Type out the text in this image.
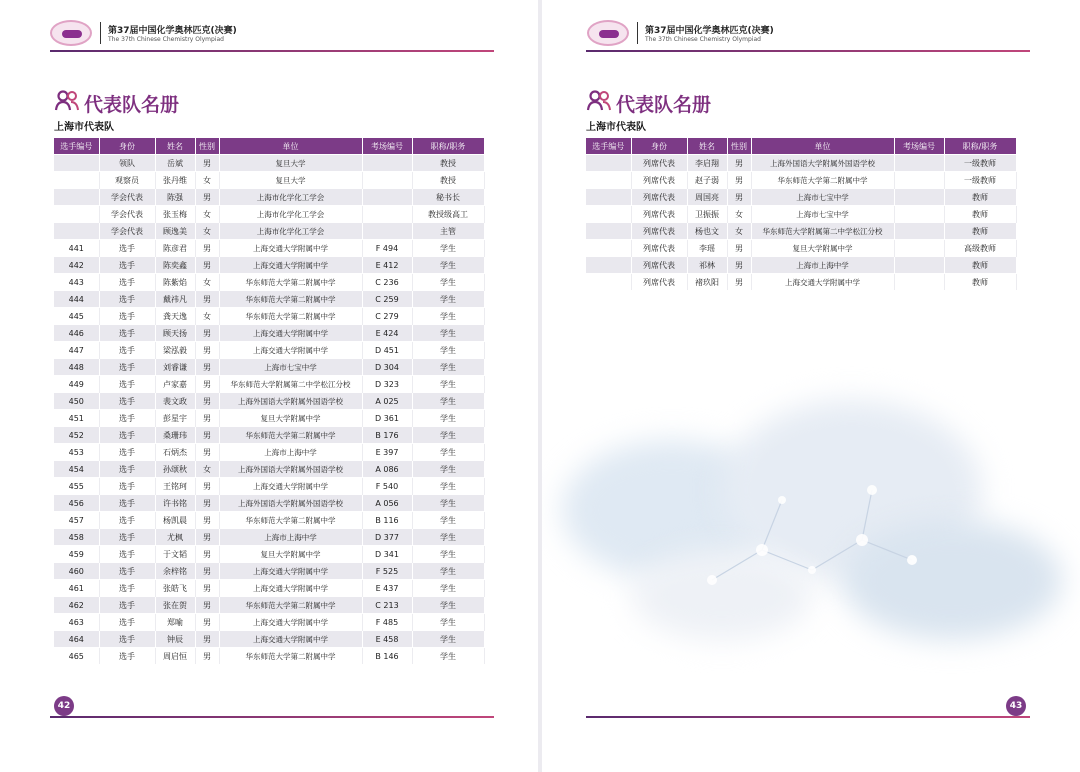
第37届中国化学奥林匹克(决赛)
The 37th Chinese Chemistry Olympiad
代表队名册
上海市代表队
选手编号	身份	姓名	性别	单位	考场编号	职称/职务
	领队	岳斌	男	复旦大学		教授
	观察员	张丹维	女	复旦大学		教授
	学会代表	陈强	男	上海市化学化工学会		秘书长
	学会代表	张玉梅	女	上海市化学化工学会		教授级高工
	学会代表	顾逸美	女	上海市化学化工学会		主管
441	选手	陈彦君	男	上海交通大学附属中学	F 494	学生
442	选手	陈奕鑫	男	上海交通大学附属中学	E 412	学生
443	选手	陈紫焰	女	华东师范大学第二附属中学	C 236	学生
444	选手	戴祎凡	男	华东师范大学第二附属中学	C 259	学生
445	选手	龚天逸	女	华东师范大学第二附属中学	C 279	学生
446	选手	顾天扬	男	上海交通大学附属中学	E 424	学生
447	选手	梁泓毅	男	上海交通大学附属中学	D 451	学生
448	选手	刘睿谦	男	上海市七宝中学	D 304	学生
449	选手	卢家嘉	男	华东师范大学附属第二中学松江分校	D 323	学生
450	选手	裴文政	男	上海外国语大学附属外国语学校	A 025	学生
451	选手	彭星宇	男	复旦大学附属中学	D 361	学生
452	选手	桑珊玮	男	华东师范大学第二附属中学	B 176	学生
453	选手	石炳杰	男	上海市上海中学	E 397	学生
454	选手	孙颂秋	女	上海外国语大学附属外国语学校	A 086	学生
455	选手	王铭珂	男	上海交通大学附属中学	F 540	学生
456	选手	许书铭	男	上海外国语大学附属外国语学校	A 056	学生
457	选手	杨凯晨	男	华东师范大学第二附属中学	B 116	学生
458	选手	尤枫	男	上海市上海中学	D 377	学生
459	选手	于文韬	男	复旦大学附属中学	D 341	学生
460	选手	余梓铭	男	上海交通大学附属中学	F 525	学生
461	选手	张皓飞	男	上海交通大学附属中学	E 437	学生
462	选手	张在贺	男	华东师范大学第二附属中学	C 213	学生
463	选手	郑喻	男	上海交通大学附属中学	F 485	学生
464	选手	钟辰	男	上海交通大学附属中学	E 458	学生
465	选手	周启恒	男	华东师范大学第二附属中学	B 146	学生
42
第37届中国化学奥林匹克(决赛)
The 37th Chinese Chemistry Olympiad
代表队名册
上海市代表队
选手编号	身份	姓名	性别	单位	考场编号	职称/职务
	列席代表	李启翔	男	上海外国语大学附属外国语学校		一级教师
	列席代表	赵子弱	男	华东师范大学第二附属中学		一级教师
	列席代表	周国亮	男	上海市七宝中学		教师
	列席代表	卫振振	女	上海市七宝中学		教师
	列席代表	杨也文	女	华东师范大学附属第二中学松江分校		教师
	列席代表	李瑶	男	复旦大学附属中学		高级教师
	列席代表	祁林	男	上海市上海中学		教师
	列席代表	褚玖阳	男	上海交通大学附属中学		教师
43
